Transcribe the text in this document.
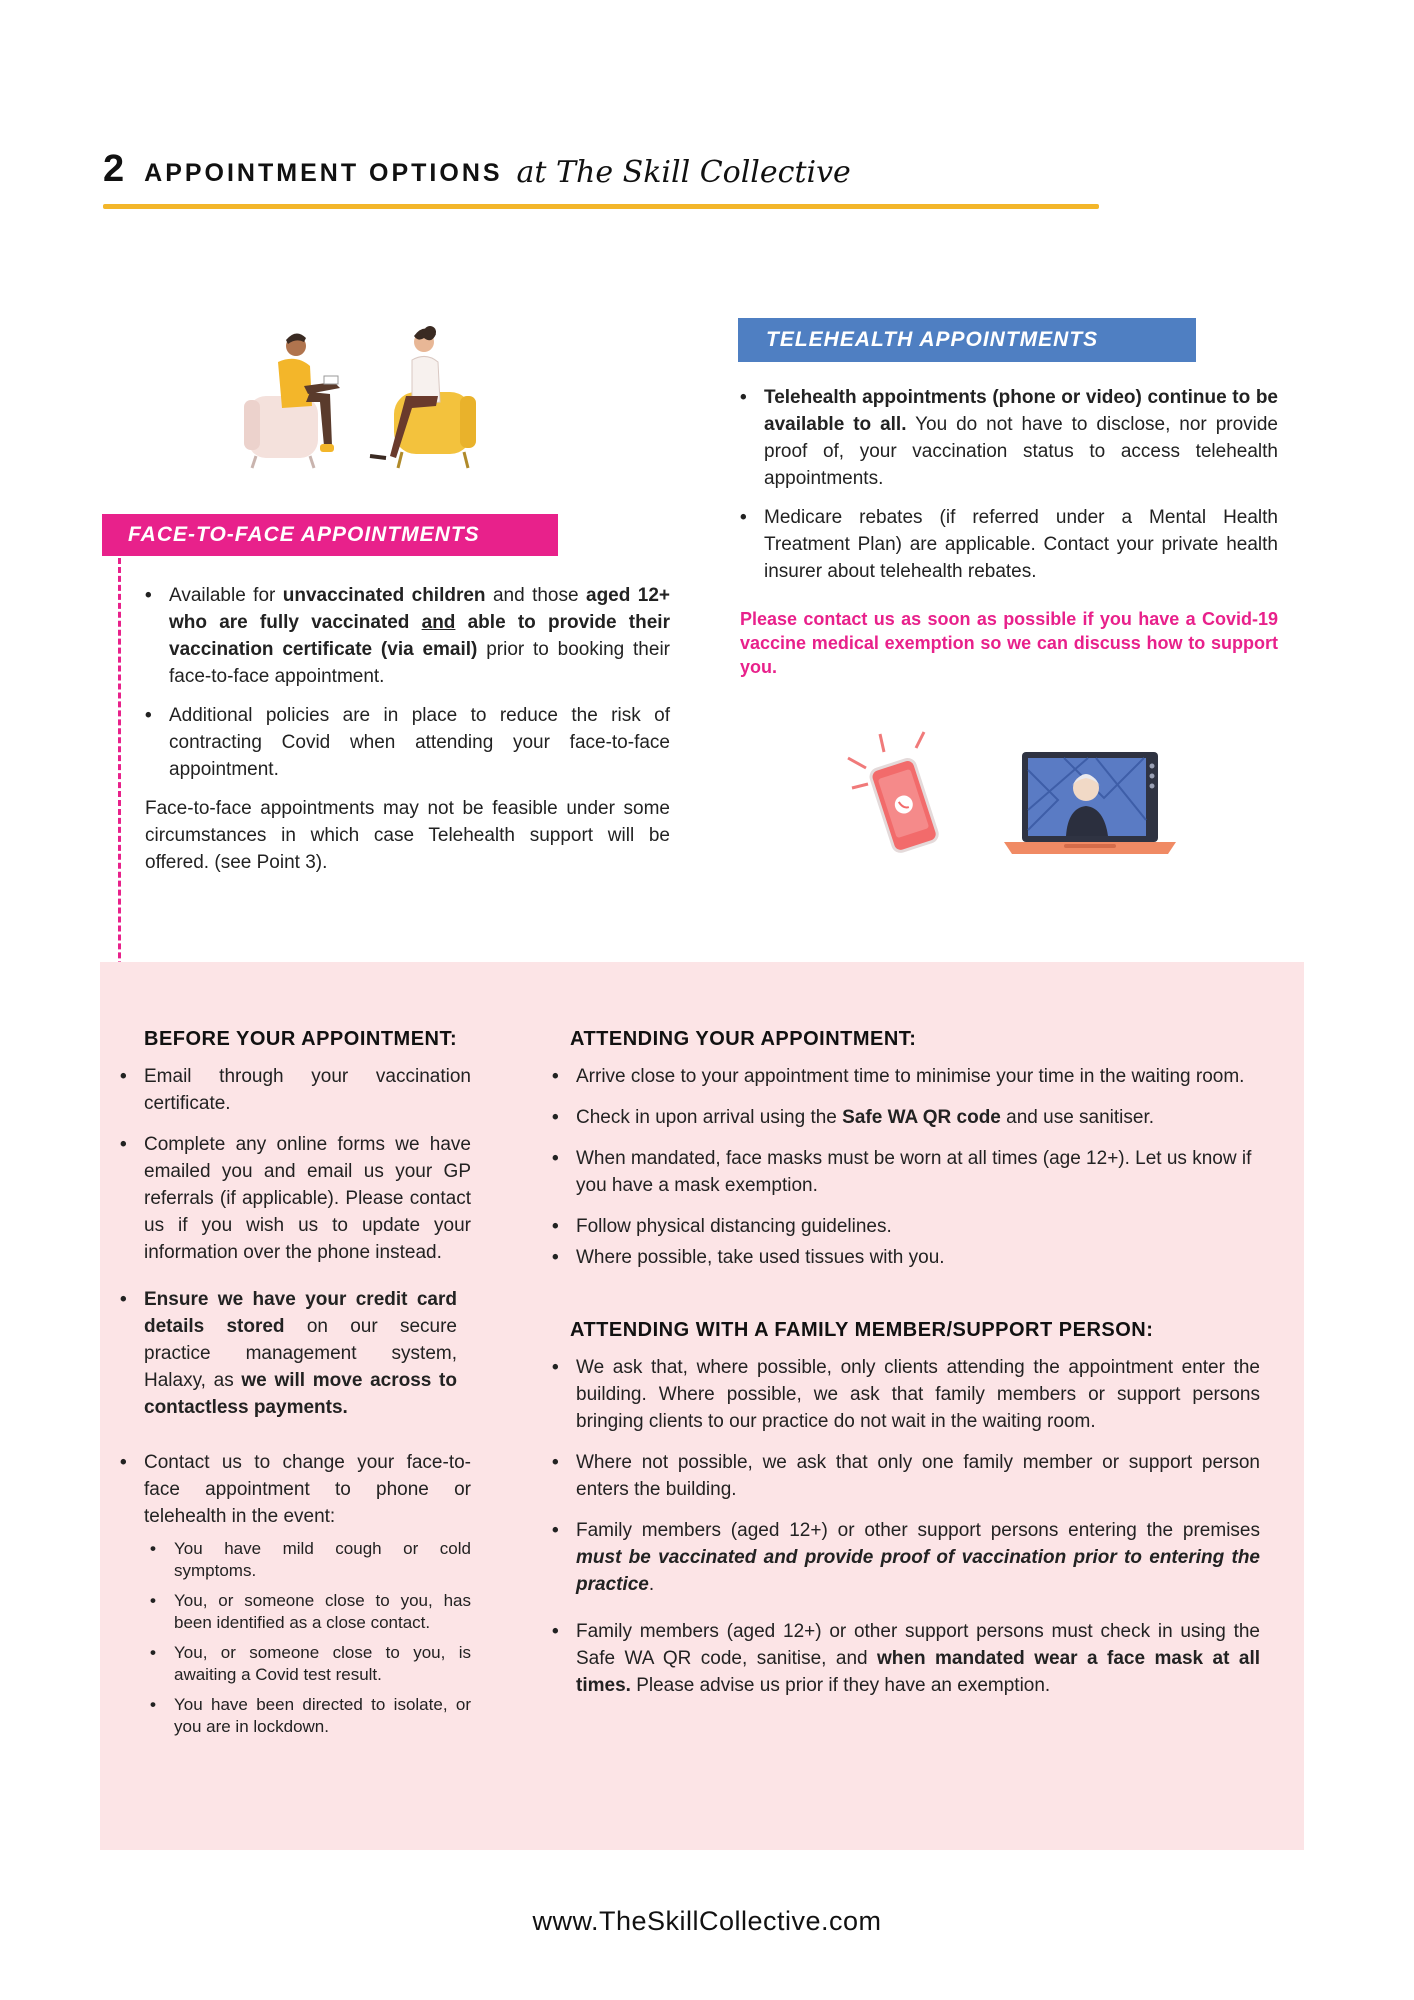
2 APPOINTMENT OPTIONS at The Skill Collective
FACE-TO-FACE APPOINTMENTS
• Available for unvaccinated children and those aged 12+ who are fully vaccinated and able to provide their vaccination certificate (via email) prior to booking their face-to-face appointment.
• Additional policies are in place to reduce the risk of contracting Covid when attending your face-to-face appointment.

Face-to-face appointments may not be feasible under some circumstances in which case Telehealth support will be offered. (see Point 3).

TELEHEALTH APPOINTMENTS
• Telehealth appointments (phone or video) continue to be available to all. You do not have to disclose, nor provide proof of, your vaccination status to access telehealth appointments.
• Medicare rebates (if referred under a Mental Health Treatment Plan) are applicable. Contact your private health insurer about telehealth rebates.

Please contact us as soon as possible if you have a Covid-19 vaccine medical exemption so we can discuss how to support you.

BEFORE YOUR APPOINTMENT:
• Email through your vaccination certificate.
• Complete any online forms we have emailed you and email us your GP referrals (if applicable). Please contact us if you wish us to update your information over the phone instead.
• Ensure we have your credit card details stored on our secure practice management system, Halaxy, as we will move across to contactless payments.
• Contact us to change your face-to-face appointment to phone or telehealth in the event:
• You have mild cough or cold symptoms.
• You, or someone close to you, has been identified as a close contact.
• You, or someone close to you, is awaiting a Covid test result.
• You have been directed to isolate, or you are in lockdown.
ATTENDING YOUR APPOINTMENT:
• Arrive close to your appointment time to minimise your time in the waiting room.
• Check in upon arrival using the Safe WA QR code and use sanitiser.
• When mandated, face masks must be worn at all times (age 12+). Let us know if you have a mask exemption.
• Follow physical distancing guidelines.
• Where possible, take used tissues with you.
ATTENDING WITH A FAMILY MEMBER/SUPPORT PERSON:
• We ask that, where possible, only clients attending the appointment enter the building. Where possible, we ask that family members or support persons bringing clients to our practice do not wait in the waiting room.
• Where not possible, we ask that only one family member or support person enters the building.
• Family members (aged 12+) or other support persons entering the premises must be vaccinated and provide proof of vaccination prior to entering the practice.
• Family members (aged 12+) or other support persons must check in using the Safe WA QR code, sanitise, and when mandated wear a face mask at all times. Please advise us prior if they have an exemption.
www.TheSkillCollective.com
